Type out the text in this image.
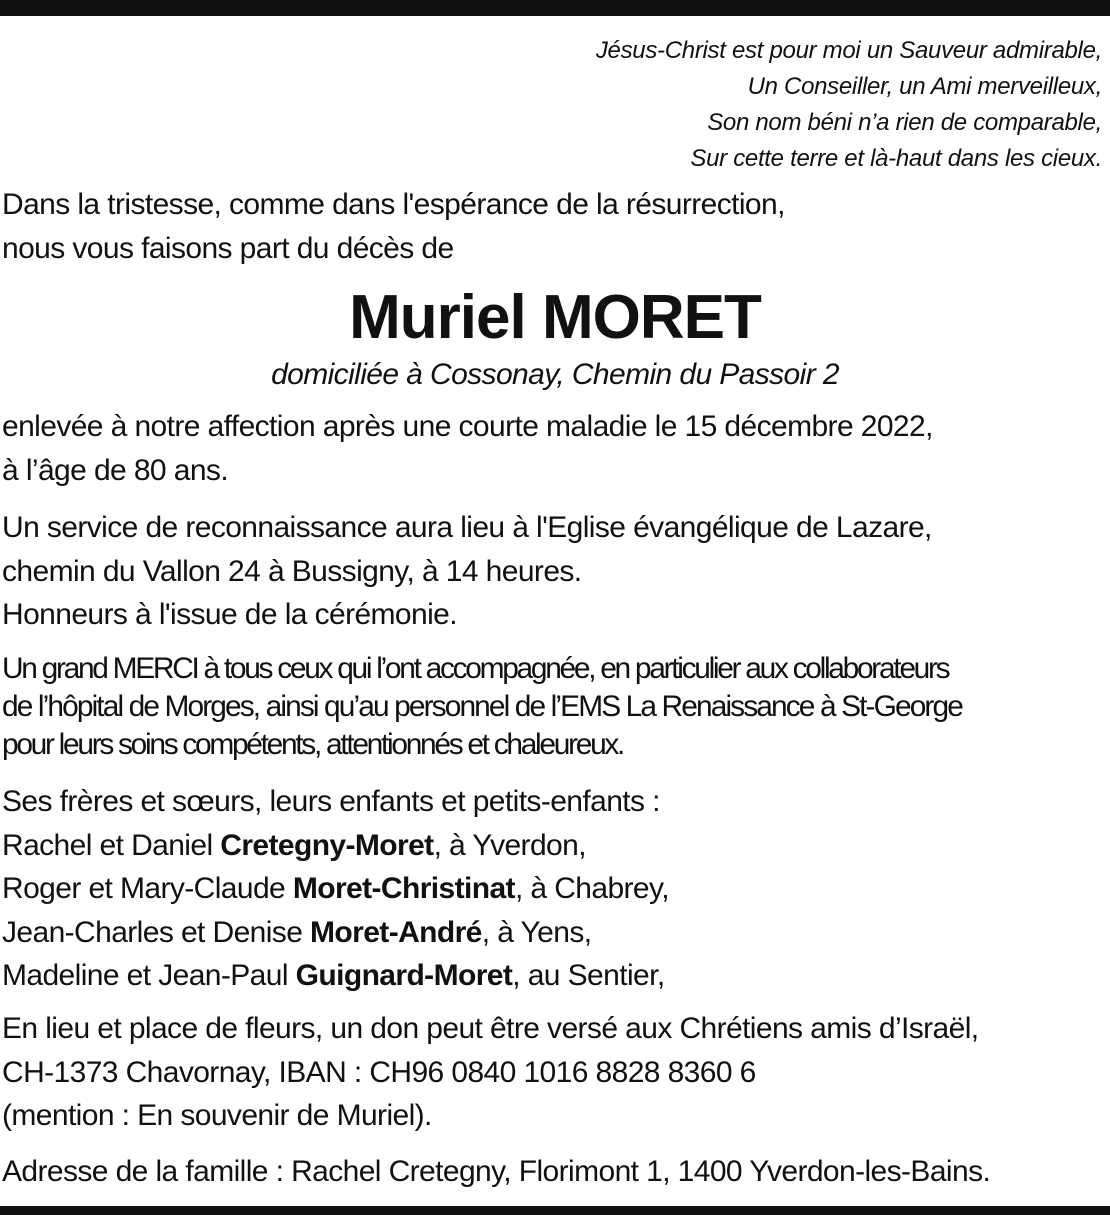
Jésus-Christ est pour moi un Sauveur admirable,
Un Conseiller, un Ami merveilleux,
Son nom béni n’a rien de comparable,
Sur cette terre et là-haut dans les cieux.
Dans la tristesse, comme dans l'espérance de la résurrection,
nous vous faisons part du décès de
Muriel MORET
domiciliée à Cossonay, Chemin du Passoir 2
enlevée à notre affection après une courte maladie le 15 décembre 2022,
à l’âge de 80 ans.
Un service de reconnaissance aura lieu à l'Eglise évangélique de Lazare,
chemin du Vallon 24 à Bussigny, à 14 heures.
Honneurs à l'issue de la cérémonie.
Un grand MERCI à tous ceux qui l’ont accompagnée, en particulier aux collaborateurs
de l’hôpital de Morges, ainsi qu’au personnel de l’EMS La Renaissance à St-George
pour leurs soins compétents, attentionnés et chaleureux.
Ses frères et sœurs, leurs enfants et petits-enfants :
Rachel et Daniel Cretegny-Moret, à Yverdon,
Roger et Mary-Claude Moret-Christinat, à Chabrey,
Jean-Charles et Denise Moret-André, à Yens,
Madeline et Jean-Paul Guignard-Moret, au Sentier,
En lieu et place de fleurs, un don peut être versé aux Chrétiens amis d’Israël,
CH-1373 Chavornay, IBAN : CH96 0840 1016 8828 8360 6
(mention : En souvenir de Muriel).
Adresse de la famille : Rachel Cretegny, Florimont 1, 1400 Yverdon-les-Bains.
